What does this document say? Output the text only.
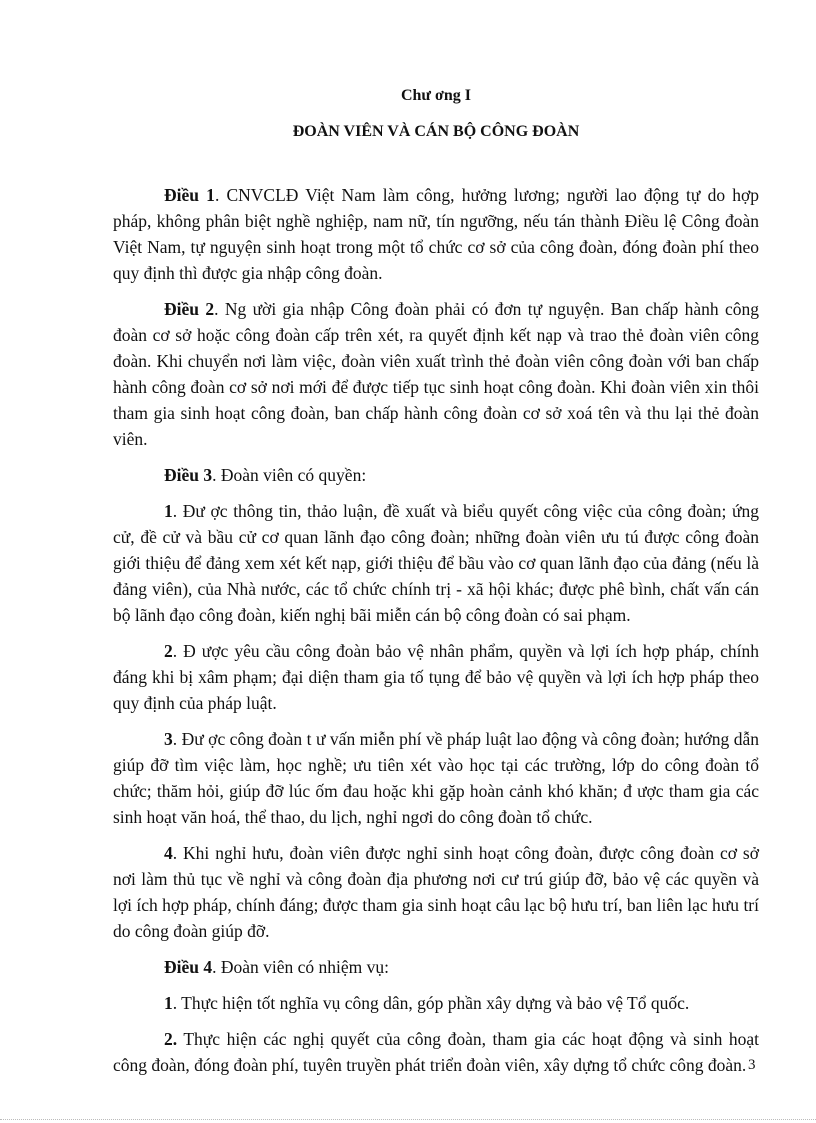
Chư ơng I
ĐOÀN VIÊN VÀ CÁN BỘ CÔNG ĐOÀN

Điều 1. CNVCLĐ Việt Nam làm công, hưởng lương; người lao động tự do hợp pháp, không phân biệt nghề nghiệp, nam nữ, tín ngưỡng, nếu tán thành Điều lệ Công đoàn Việt Nam, tự nguyện sinh hoạt trong một tổ chức cơ sở của công đoàn, đóng đoàn phí theo quy định thì được gia nhập công đoàn.

Điều 2. Ng ười gia nhập Công đoàn phải có đơn tự nguyện. Ban chấp hành công đoàn cơ sở hoặc công đoàn cấp trên xét, ra quyết định kết nạp và trao thẻ đoàn viên công đoàn. Khi chuyển nơi làm việc, đoàn viên xuất trình thẻ đoàn viên công đoàn với ban chấp hành công đoàn cơ sở nơi mới để được tiếp tục sinh hoạt công đoàn. Khi đoàn viên xin thôi tham gia sinh hoạt công đoàn, ban chấp hành công đoàn cơ sở xoá tên và thu lại thẻ đoàn viên.

Điều 3. Đoàn viên có quyền:

1. Đư ợc thông tin, thảo luận, đề xuất và biểu quyết công việc của công đoàn; ứng cử, đề cử và bầu cử cơ quan lãnh đạo công đoàn; những đoàn viên ưu tú được công đoàn giới thiệu để đảng xem xét kết nạp, giới thiệu để bầu vào cơ quan lãnh đạo của đảng (nếu là đảng viên), của Nhà nước, các tổ chức chính trị - xã hội khác; được phê bình, chất vấn cán bộ lãnh đạo công đoàn, kiến nghị bãi miễn cán bộ công đoàn có sai phạm.

2. Đ ược yêu cầu công đoàn bảo vệ nhân phẩm, quyền và lợi ích hợp pháp, chính đáng khi bị xâm phạm; đại diện tham gia tố tụng để bảo vệ quyền và lợi ích hợp pháp theo quy định của pháp luật.

3. Đư ợc công đoàn t ư vấn miễn phí về pháp luật lao động và công đoàn; hướng dẫn giúp đỡ tìm việc làm, học nghề; ưu tiên xét vào học tại các trường, lớp do công đoàn tổ chức; thăm hỏi, giúp đỡ lúc ốm đau hoặc khi gặp hoàn cảnh khó khăn; đ ược tham gia các sinh hoạt văn hoá, thể thao, du lịch, nghỉ ngơi do công đoàn tổ chức.

4. Khi nghỉ hưu, đoàn viên được nghỉ sinh hoạt công đoàn, được công đoàn cơ sở nơi làm thủ tục về nghỉ và công đoàn địa phương nơi cư trú giúp đỡ, bảo vệ các quyền và lợi ích hợp pháp, chính đáng; được tham gia sinh hoạt câu lạc bộ hưu trí, ban liên lạc hưu trí do công đoàn giúp đỡ.

Điều 4. Đoàn viên có nhiệm vụ:

1. Thực hiện tốt nghĩa vụ công dân, góp phần xây dựng và bảo vệ Tổ quốc.

2. Thực hiện các nghị quyết của công đoàn, tham gia các hoạt động và sinh hoạt công đoàn, đóng đoàn phí, tuyên truyền phát triển đoàn viên, xây dựng tổ chức công đoàn. 3
